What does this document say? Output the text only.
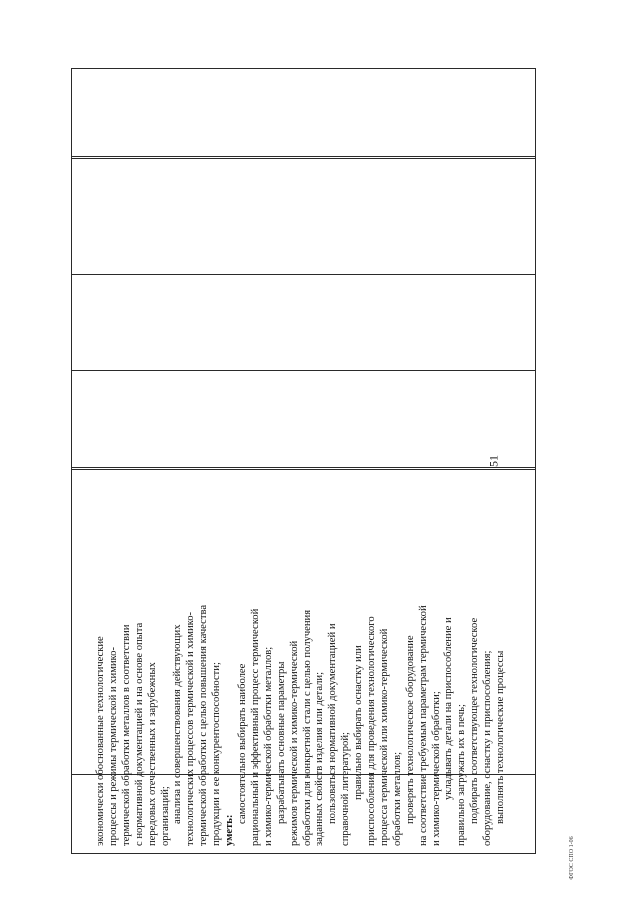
51
экономически обоснованные технологические процессы и режимы термической и химико- термической обработки металлов в соответствии с нормативной документацией и на основе опыта передовых отечественных и зарубежных организаций; анализа и совершенствования действующих технологических процессов термической и химико- термической обработки с целью повышения качества продукции и ее конкурентоспособности; уметь:
самостоятельно выбирать наиболее рациональный и эффективный процесс термической и химико-термической обработки металлов; разрабатывать основные параметры режимов термической и химико-термической обработки для конкретной стали с целью получения заданных свойств изделия или детали; пользоваться нормативной документацией и справочной литературой; правильно выбирать оснастку или приспособления для проведения технологического процесса термической или химико-термической обработки металлов; проверять технологическое оборудование на соответствие требуемым параметрам термической и химико-термической обработки; укладывать детали на приспособление и правильно загружать их в печь; подбирать соответствующее технологическое оборудование, оснастку и приспособления; выполнять технологические процессы
ФГОС СПО 1-06
